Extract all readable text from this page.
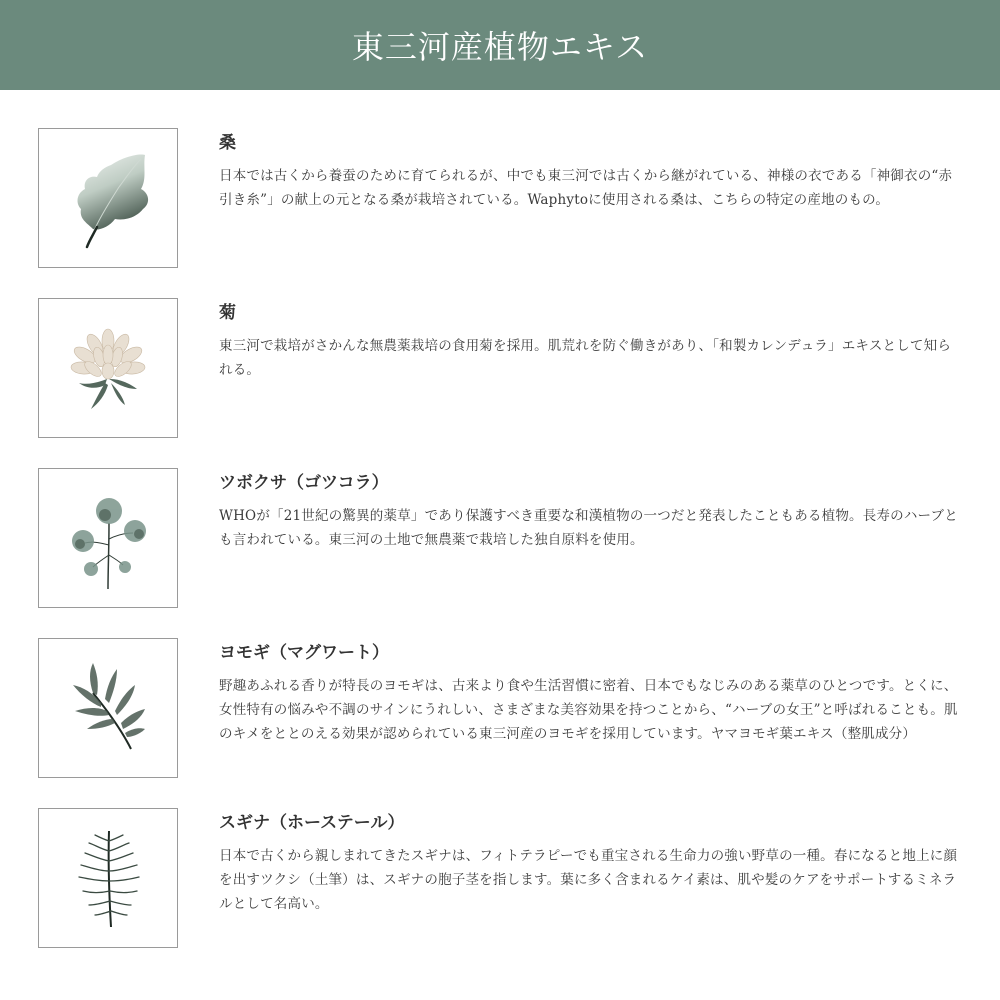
東三河産植物エキス
桑

日本では古くから養蚕のために育てられるが、中でも東三河では古くから継がれている、神様の衣である「神御衣の“赤引き糸”」の献上の元となる桑が栽培されている。Waphytoに使用される桑は、こちらの特定の産地のもの。

菊

東三河で栽培がさかんな無農薬栽培の食用菊を採用。肌荒れを防ぐ働きがあり、「和製カレンデュラ」エキスとして知られる。

ツボクサ（ゴツコラ）

WHOが「21世紀の驚異的薬草」であり保護すべき重要な和漢植物の一つだと発表したこともある植物。長寿のハーブとも言われている。東三河の土地で無農薬で栽培した独自原料を使用。

ヨモギ（マグワート）

野趣あふれる香りが特長のヨモギは、古来より食や生活習慣に密着、日本でもなじみのある薬草のひとつです。とくに、女性特有の悩みや不調のサインにうれしい、さまざまな美容効果を持つことから、“ハーブの女王”と呼ばれることも。肌のキメをととのえる効果が認められている東三河産のヨモギを採用しています。ヤマヨモギ葉エキス（整肌成分）

スギナ（ホーステール）

日本で古くから親しまれてきたスギナは、フィトテラピーでも重宝される生命力の強い野草の一種。春になると地上に顔を出すツクシ（土筆）は、スギナの胞子茎を指します。葉に多く含まれるケイ素は、肌や髪のケアをサポートするミネラルとして名高い。
